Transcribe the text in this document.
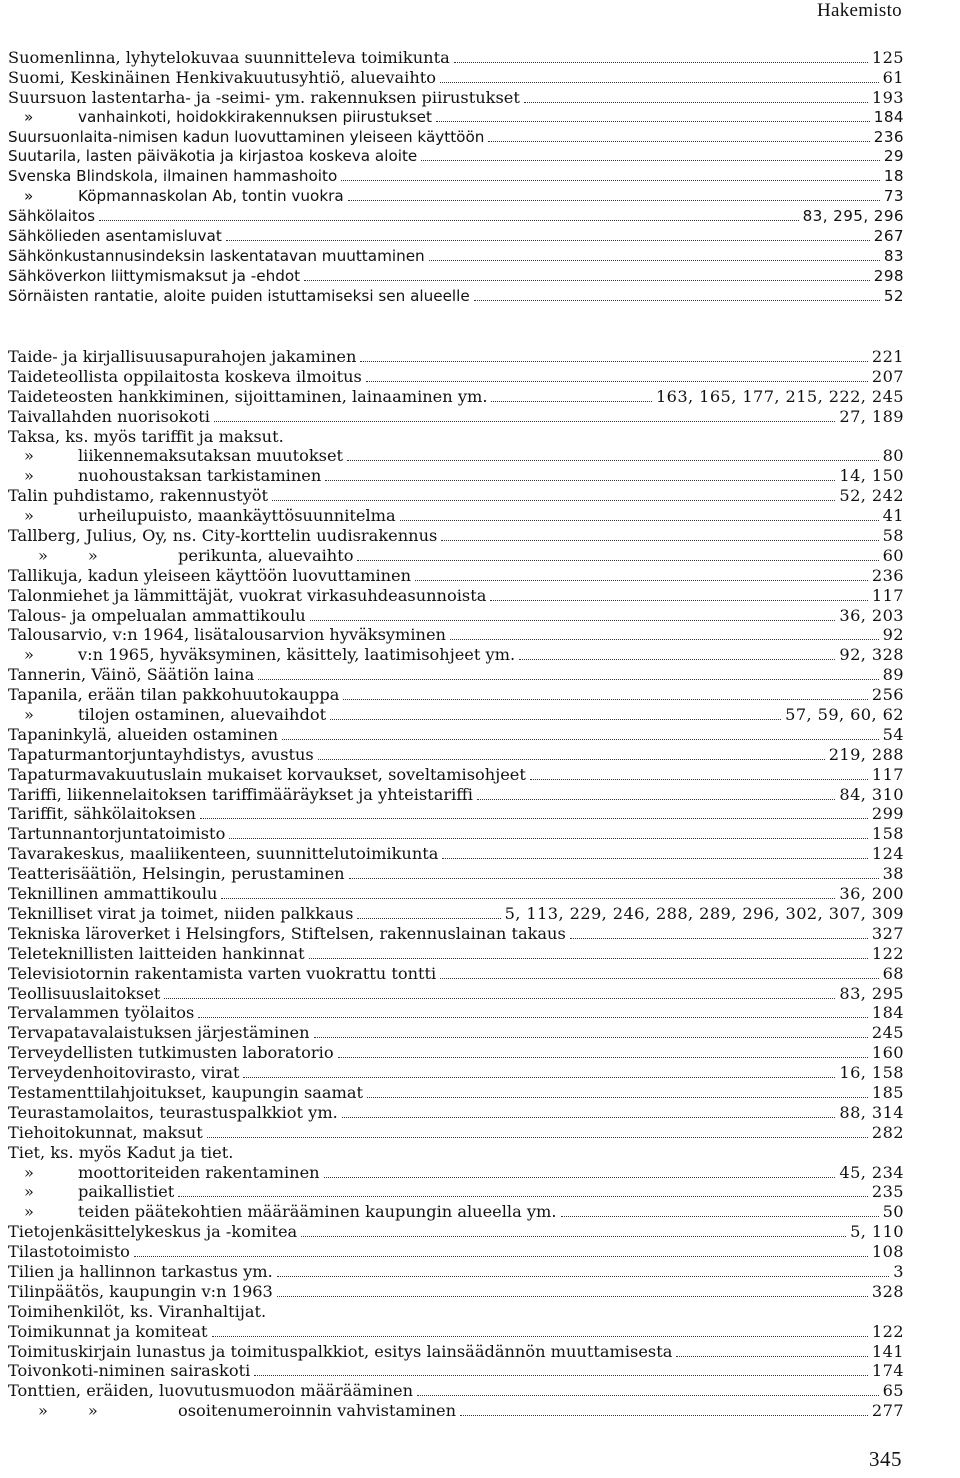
Hakemisto
Suomenlinna, lyhytelokuvaa suunnitteleva toimikunta	125
Suomi, Keskinäinen Henkivakuutusyhtiö, aluevaihto	61
Suursuon lastentarha- ja -seimi- ym. rakennuksen piirustukset	193
»	vanhainkoti, hoidokkirakennuksen piirustukset	184
Suursuonlaita-nimisen kadun luovuttaminen yleiseen käyttöön	236
Suutarila, lasten päiväkotia ja kirjastoa koskeva aloite	29
Svenska Blindskola, ilmainen hammashoito	18
»	Köpmannaskolan Ab, tontin vuokra	73
Sähkölaitos	83, 295, 296
Sähkölieden asentamisluvat	267
Sähkönkustannusindeksin laskentatavan muuttaminen	83
Sähköverkon liittymismaksut ja -ehdot	298
Sörnäisten rantatie, aloite puiden istuttamiseksi sen alueelle	52
Taide- ja kirjallisuusapurahojen jakaminen	221
Taideteollista oppilaitosta koskeva ilmoitus	207
Taideteosten hankkiminen, sijoittaminen, lainaaminen ym.	163, 165, 177, 215, 222, 245
Taivallahden nuorisokoti	27, 189
Taksa, ks. myös tariffit ja maksut.
»	liikennemaksutaksan muutokset	80
»	nuohoustaksan tarkistaminen	14, 150
Talin puhdistamo, rakennustyöt	52, 242
»	urheilupuisto, maankäyttösuunnitelma	41
Tallberg, Julius, Oy, ns. City-korttelin uudisrakennus	58
»» perikunta, aluevaihto	60
Tallikuja, kadun yleiseen käyttöön luovuttaminen	236
Talonmiehet ja lämmittäjät, vuokrat virkasuhdeasunnoista	117
Talous- ja ompelualan ammattikoulu	36, 203
Talousarvio, v:n 1964, lisätalousarvion hyväksyminen	92
»	v:n 1965, hyväksyminen, käsittely, laatimisohjeet ym.	92, 328
Tannerin, Väinö, Säätiön laina	89
Tapanila, erään tilan pakkohuutokauppa	256
»	tilojen ostaminen, aluevaihdot	57, 59, 60, 62
Tapaninkylä, alueiden ostaminen	54
Tapaturmantorjuntayhdistys, avustus	219, 288
Tapaturmavakuutuslain mukaiset korvaukset, soveltamisohjeet	117
Tariffi, liikennelaitoksen tariffimääräykset ja yhteistariffi	84, 310
Tariffit, sähkölaitoksen	299
Tartunnantorjuntatoimisto	158
Tavarakeskus, maaliikenteen, suunnittelutoimikunta	124
Teatterisäätiön, Helsingin, perustaminen	38
Teknillinen ammattikoulu	36, 200
Teknilliset virat ja toimet, niiden palkkaus	5, 113, 229, 246, 288, 289, 296, 302, 307, 309
Tekniska läroverket i Helsingfors, Stiftelsen, rakennuslainan takaus	327
Teleteknillisten laitteiden hankinnat	122
Televisiotornin rakentamista varten vuokrattu tontti	68
Teollisuuslaitokset	83, 295
Tervalammen työlaitos	184
Tervapatavalaistuksen järjestäminen	245
Terveydellisten tutkimusten laboratorio	160
Terveydenhoitovirasto, virat	16, 158
Testamenttilahjoitukset, kaupungin saamat	185
Teurastamolaitos, teurastuspalkkiot ym.	88, 314
Tiehoitokunnat, maksut	282
Tiet, ks. myös Kadut ja tiet.
»	moottoriteiden rakentaminen	45, 234
»	paikallistiet	235
»	teiden päätekohtien määrääminen kaupungin alueella ym.	50
Tietojenkäsittelykeskus ja -komitea	5, 110
Tilastotoimisto	108
Tilien ja hallinnon tarkastus ym.	3
Tilinpäätös, kaupungin v:n 1963	328
Toimihenkilöt, ks. Viranhaltijat.
Toimikunnat ja komiteat	122
Toimituskirjain lunastus ja toimituspalkkiot, esitys lainsäädännön muuttamisesta	141
Toivonkoti-niminen sairaskoti	174
Tonttien, eräiden, luovutusmuodon määrääminen	65
»» osoitenumeroinnin vahvistaminen	277
345
